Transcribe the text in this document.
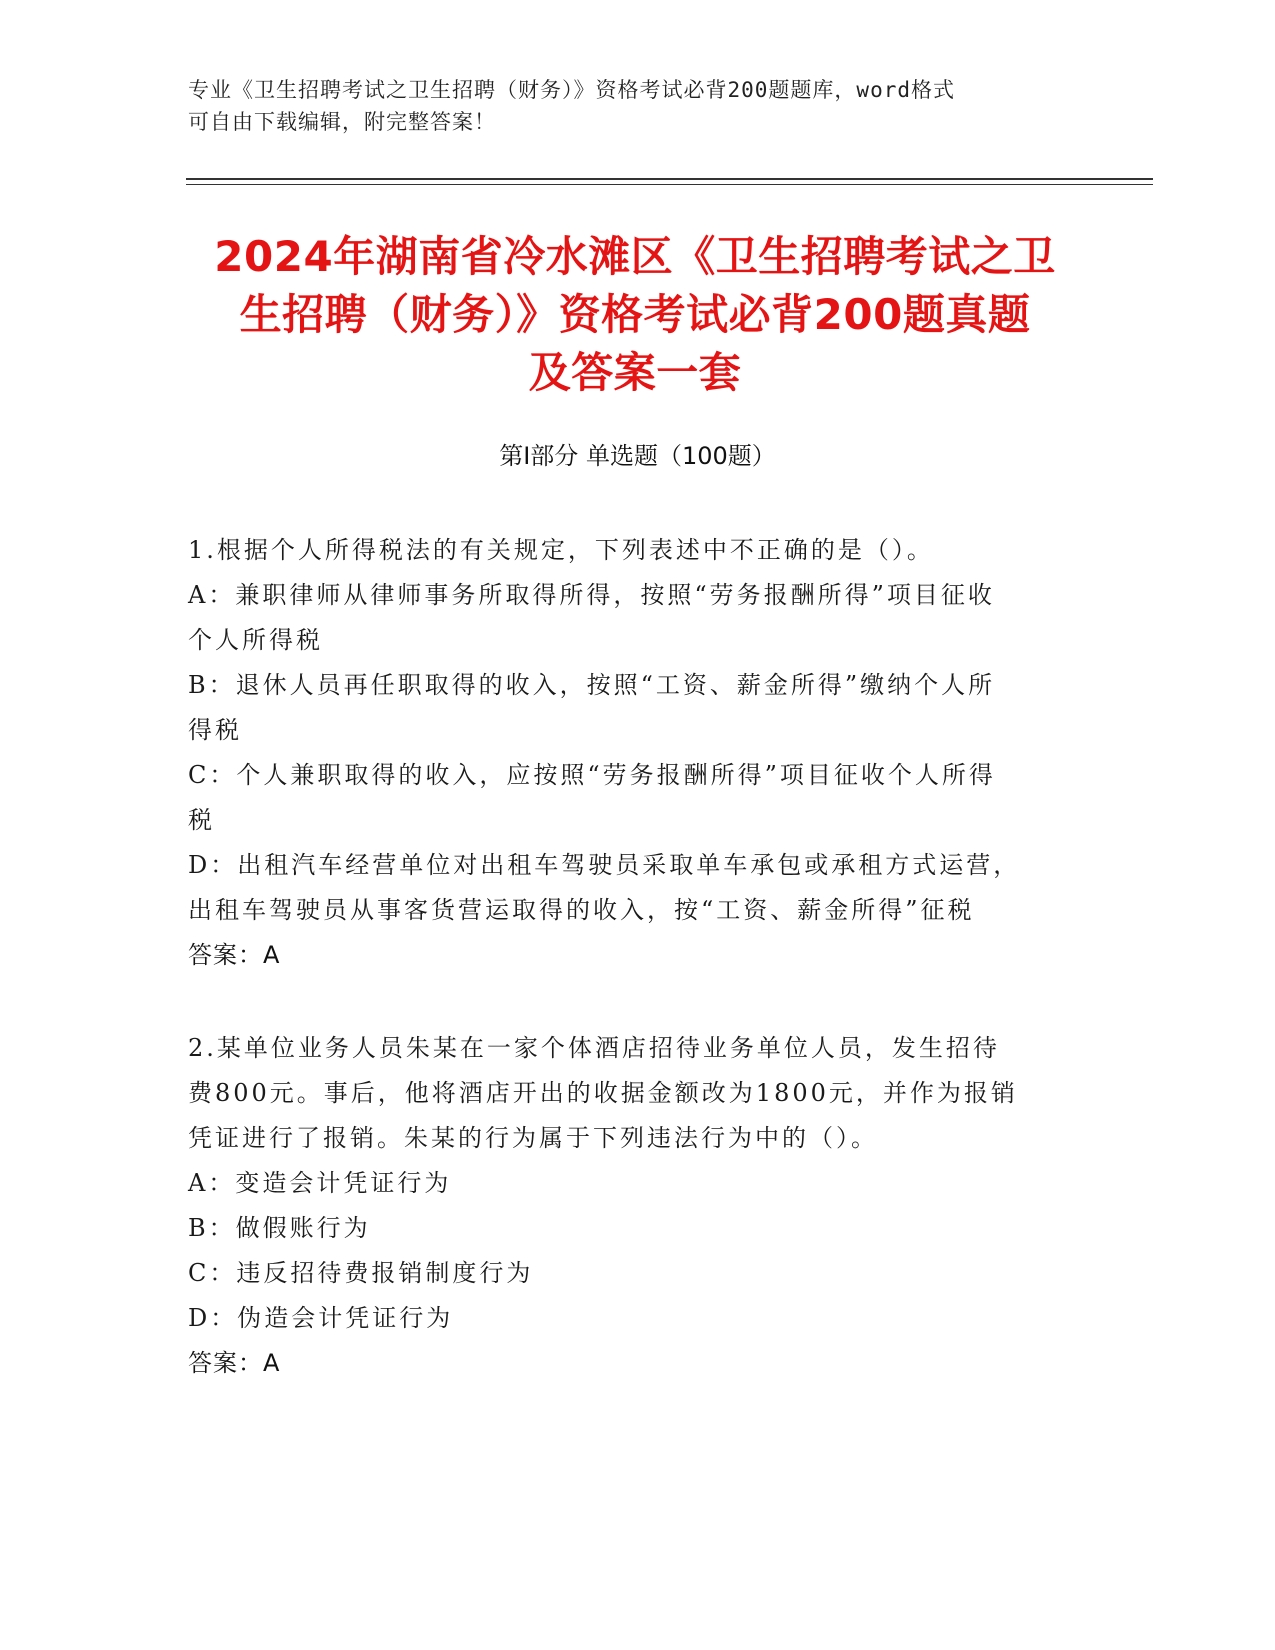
专业《卫生招聘考试之卫生招聘（财务）》资格考试必背200题题库，word格式
可自由下载编辑，附完整答案！
2024年湖南省冷水滩区《卫生招聘考试之卫
生招聘（财务）》资格考试必背200题真题
及答案一套
第Ⅰ部分 单选题（100题）

1.根据个人所得税法的有关规定，下列表述中不正确的是（）。

A：兼职律师从律师事务所取得所得，按照“劳务报酬所得”项目征收

个人所得税

B：退休人员再任职取得的收入，按照“工资、薪金所得”缴纳个人所

得税

C：个人兼职取得的收入，应按照“劳务报酬所得”项目征收个人所得

税

D：出租汽车经营单位对出租车驾驶员采取单车承包或承租方式运营，

出租车驾驶员从事客货营运取得的收入，按“工资、薪金所得”征税

答案：A

2.某单位业务人员朱某在一家个体酒店招待业务单位人员，发生招待

费800元。事后，他将酒店开出的收据金额改为1800元，并作为报销

凭证进行了报销。朱某的行为属于下列违法行为中的（）。

A：变造会计凭证行为

B：做假账行为

C：违反招待费报销制度行为

D：伪造会计凭证行为

答案：A
